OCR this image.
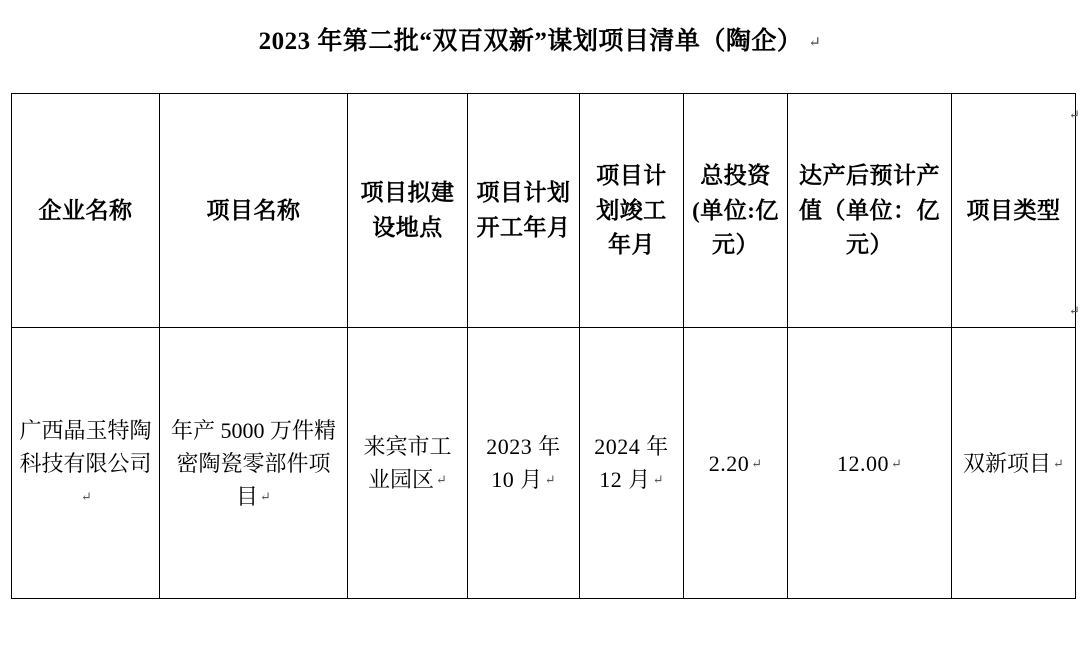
2023 年第二批“双百双新”谋划项目清单（陶企） ↵
企业名称	项目名称	项目拟建设地点	项目计划开工年月	项目计划竣工年月	总投资(单位:亿元）	达产后预计产值（单位：亿元）	项目类型

广西晶玉特陶科技有限公司↵	年产 5000 万件精密陶瓷零部件项目 ↵	来宾市工业园区 ↵	2023 年 10 月 ↵	2024 年 12 月 ↵	2.20 ↵	12.00 ↵	双新项目 ↵
↵
↵
